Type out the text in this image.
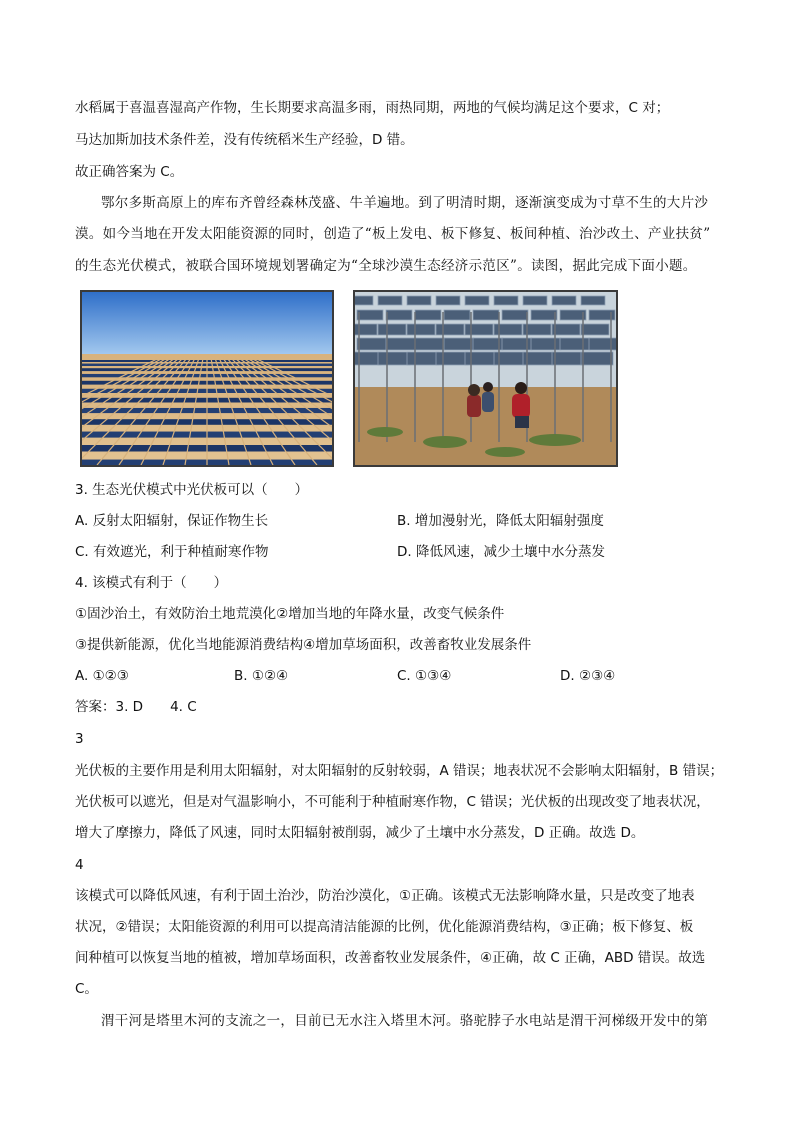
水稻属于喜温喜湿高产作物，生长期要求高温多雨，雨热同期，两地的气候均满足这个要求，C 对；
马达加斯加技术条件差，没有传统稻米生产经验，D 错。
故正确答案为 C。
鄂尔多斯高原上的库布齐曾经森林茂盛、牛羊遍地。到了明清时期，逐渐演变成为寸草不生的大片沙
漠。如今当地在开发太阳能资源的同时，创造了“板上发电、板下修复、板间种植、治沙改土、产业扶贫”
的生态光伏模式，被联合国环境规划署确定为“全球沙漠生态经济示范区”。读图，据此完成下面小题。
3. 生态光伏模式中光伏板可以（　　）
A. 反射太阳辐射，保证作物生长	B. 增加漫射光，降低太阳辐射强度
C. 有效遮光，利于种植耐寒作物	D. 降低风速，减少土壤中水分蒸发
4. 该模式有利于（　　）
①固沙治土，有效防治土地荒漠化②增加当地的年降水量，改变气候条件
③提供新能源，优化当地能源消费结构④增加草场面积，改善畜牧业发展条件
A. ①②③	B. ①②④	C. ①③④	D. ②③④
答案：3. D　　4. C
3
光伏板的主要作用是利用太阳辐射，对太阳辐射的反射较弱，A 错误；地表状况不会影响太阳辐射，B 错误；
光伏板可以遮光，但是对气温影响小，不可能利于种植耐寒作物，C 错误；光伏板的出现改变了地表状况，
增大了摩擦力，降低了风速，同时太阳辐射被削弱，减少了土壤中水分蒸发，D 正确。故选 D。
4
该模式可以降低风速，有利于固土治沙，防治沙漠化，①正确。该模式无法影响降水量，只是改变了地表
状况，②错误；太阳能资源的利用可以提高清洁能源的比例，优化能源消费结构，③正确；板下修复、板
间种植可以恢复当地的植被，增加草场面积，改善畜牧业发展条件，④正确，故 C 正确，ABD 错误。故选
C。
渭干河是塔里木河的支流之一，目前已无水注入塔里木河。骆驼脖子水电站是渭干河梯级开发中的第
